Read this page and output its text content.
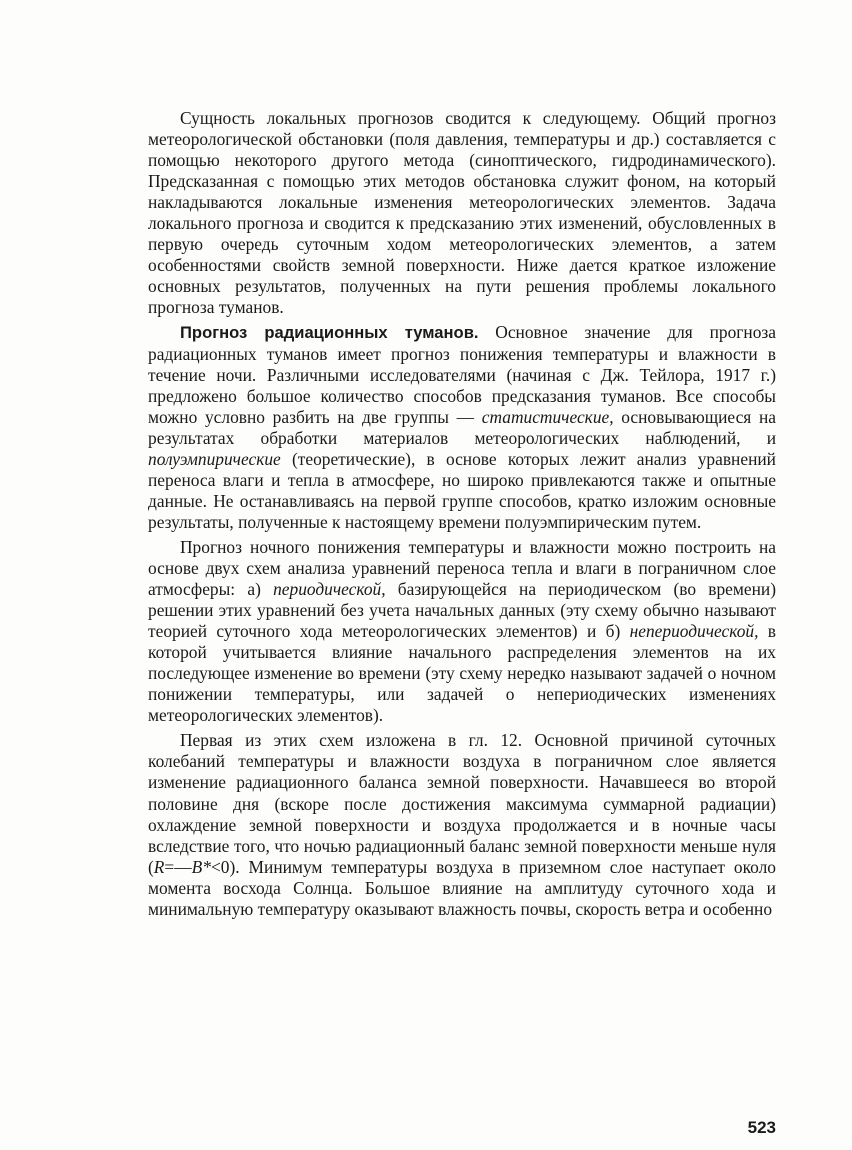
Сущность локальных прогнозов сводится к следующему. Общий прогноз метеорологической обстановки (поля давления, температуры и др.) составляется с помощью некоторого другого метода (синоптического, гидродинамического). Предсказанная с помощью этих методов обстановка служит фоном, на который накладываются локальные изменения метеорологических элементов. Задача локального прогноза и сводится к предсказанию этих изменений, обусловленных в первую очередь суточным ходом метеорологических элементов, а затем особенностями свойств земной поверхности. Ниже дается краткое изложение основных результатов, полученных на пути решения проблемы локального прогноза туманов.

Прогноз радиационных туманов. Основное значение для прогноза радиационных туманов имеет прогноз понижения температуры и влажности в течение ночи. Различными исследователями (начиная с Дж. Тейлора, 1917 г.) предложено большое количество способов предсказания туманов. Все способы можно условно разбить на две группы — статистические, основывающиеся на результатах обработки материалов метеорологических наблюдений, и полуэмпирические (теоретические), в основе которых лежит анализ уравнений переноса влаги и тепла в атмосфере, но широко привлекаются также и опытные данные. Не останавливаясь на первой группе способов, кратко изложим основные результаты, полученные к настоящему времени полуэмпирическим путем.

Прогноз ночного понижения температуры и влажности можно построить на основе двух схем анализа уравнений переноса тепла и влаги в пограничном слое атмосферы: а) периодической, базирующейся на периодическом (во времени) решении этих уравнений без учета начальных данных (эту схему обычно называют теорией суточного хода метеорологических элементов) и б) непериодической, в которой учитывается влияние начального распределения элементов на их последующее изменение во времени (эту схему нередко называют задачей о ночном понижении температуры, или задачей о непериодических изменениях метеорологических элементов).

Первая из этих схем изложена в гл. 12. Основной причиной суточных колебаний температуры и влажности воздуха в пограничном слое является изменение радиационного баланса земной поверхности. Начавшееся во второй половине дня (вскоре после достижения максимума суммарной радиации) охлаждение земной поверхности и воздуха продолжается и в ночные часы вследствие того, что ночью радиационный баланс земной поверхности меньше нуля (R=—B*<0). Минимум температуры воздуха в приземном слое наступает около момента восхода Солнца. Большое влияние на амплитуду суточного хода и минимальную температуру оказывают влажность почвы, скорость ветра и особенно

523
